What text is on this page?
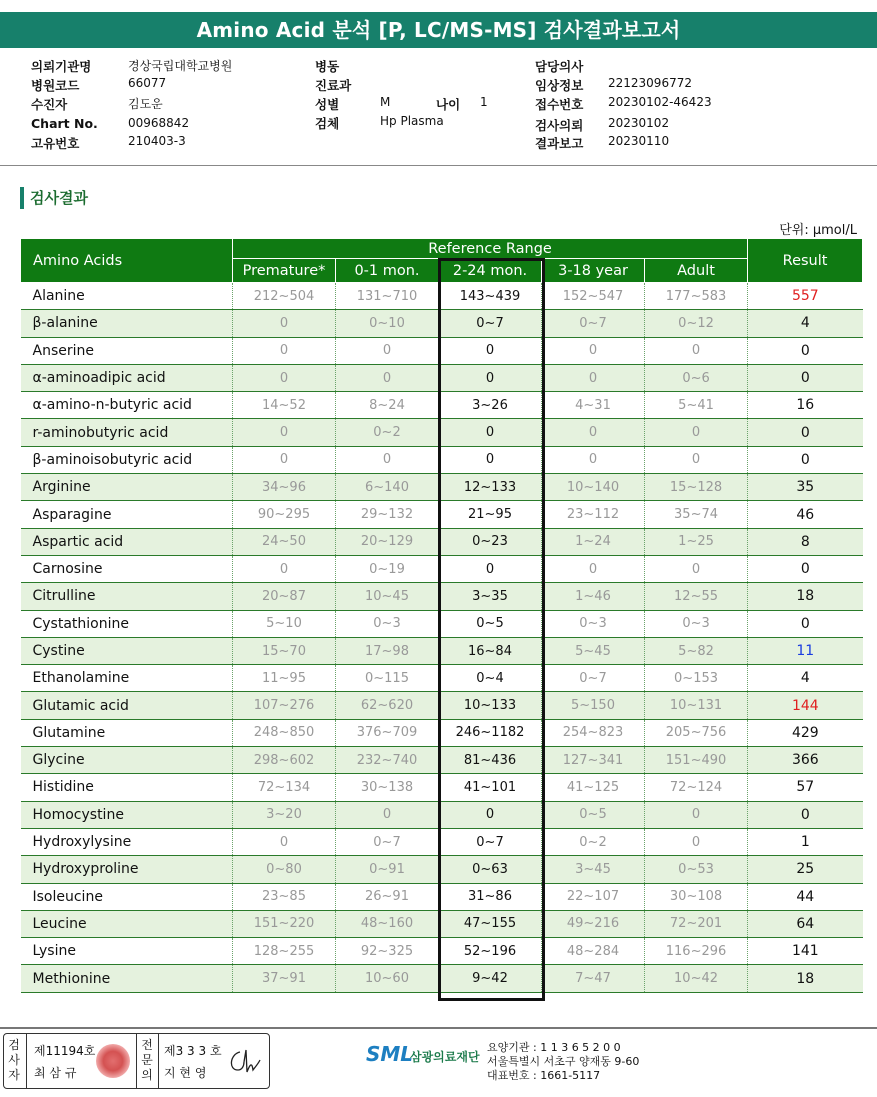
Amino Acid 분석 [P, LC/MS-MS] 검사결과보고서
의뢰기관명	경상국립대학교병원
병원코드	66077
수진자	김도운
Chart No.	00968842
고유번호	210403-3
병동
진료과
성별	M	나이 1
검체	Hp Plasma
담당의사
임상정보 22123096772
접수번호 20230102-46423
검사의뢰 20230102
결과보고 20230110
검사결과
단위: μmol/L
Amino Acids	Reference Range					Result
	Premature*	0-1 mon.	2-24 mon.	3-18 year	Adult	
Alanine	212~504	131~710	143~439	152~547	177~583	557
β-alanine	0	0~10	0~7	0~7	0~12	4
Anserine	0	0	0	0	0	0
α-aminoadipic acid	0	0	0	0	0~6	0
α-amino-n-butyric acid	14~52	8~24	3~26	4~31	5~41	16
r-aminobutyric acid	0	0~2	0	0	0	0
β-aminoisobutyric acid	0	0	0	0	0	0
Arginine	34~96	6~140	12~133	10~140	15~128	35
Asparagine	90~295	29~132	21~95	23~112	35~74	46
Aspartic acid	24~50	20~129	0~23	1~24	1~25	8
Carnosine	0	0~19	0	0	0	0
Citrulline	20~87	10~45	3~35	1~46	12~55	18
Cystathionine	5~10	0~3	0~5	0~3	0~3	0
Cystine	15~70	17~98	16~84	5~45	5~82	11
Ethanolamine	11~95	0~115	0~4	0~7	0~153	4
Glutamic acid	107~276	62~620	10~133	5~150	10~131	144
Glutamine	248~850	376~709	246~1182	254~823	205~756	429
Glycine	298~602	232~740	81~436	127~341	151~490	366
Histidine	72~134	30~138	41~101	41~125	72~124	57
Homocystine	3~20	0	0	0~5	0	0
Hydroxylysine	0	0~7	0~7	0~2	0	1
Hydroxyproline	0~80	0~91	0~63	3~45	0~53	25
Isoleucine	23~85	26~91	31~86	22~107	30~108	44
Leucine	151~220	48~160	47~155	49~216	72~201	64
Lysine	128~255	92~325	52~196	48~284	116~296	141
Methionine	37~91	10~60	9~42	7~47	10~42	18
검
사
자
제11194호
최 삼 규
전
문
의
제3 3 3 호
지 현 영
SML
삼광의료재단
요양기관 : 1 1 3 6 5 2 0 0
서울특별시 서초구 양재동 9-60
대표번호 : 1661-5117
